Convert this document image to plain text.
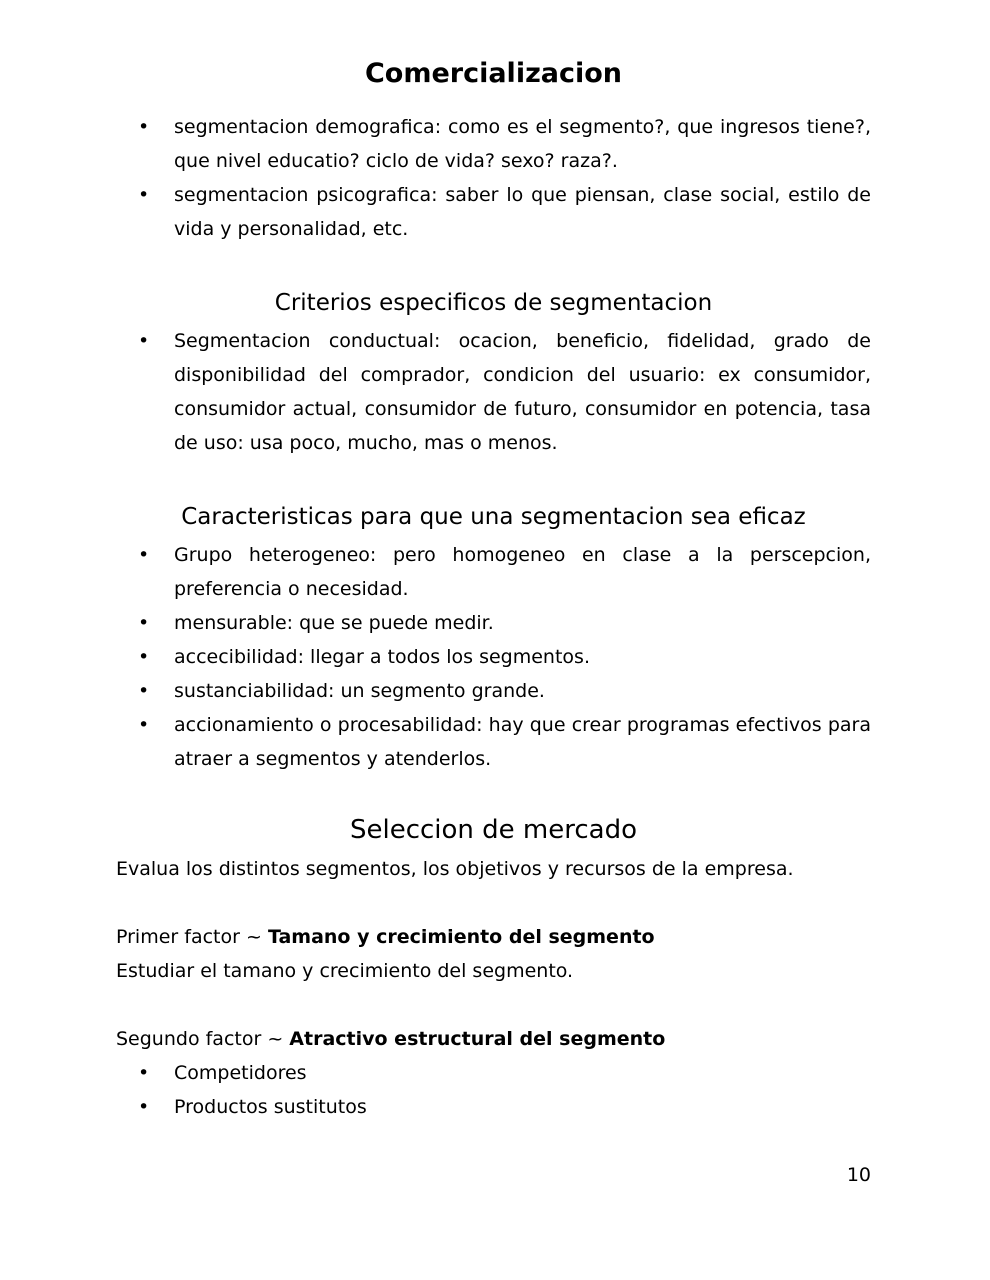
Comercializacion
• segmentacion demografica: como es el segmento?, que ingresos tiene?, que nivel educatio? ciclo de vida? sexo? raza?.
• segmentacion psicografica: saber lo que piensan, clase social, estilo de vida y personalidad, etc.
Criterios especificos de segmentacion
• Segmentacion conductual: ocacion, beneficio, fidelidad, grado de disponibilidad del comprador, condicion del usuario: ex consumidor, consumidor actual, consumidor de futuro, consumidor en potencia, tasa de uso: usa poco, mucho, mas o menos.
Caracteristicas para que una segmentacion sea eficaz
• Grupo heterogeneo: pero homogeneo en clase a la perscepcion, preferencia o necesidad.
• mensurable: que se puede medir.
• accecibilidad: llegar a todos los segmentos.
• sustanciabilidad: un segmento grande.
• accionamiento o procesabilidad: hay que crear programas efectivos para atraer a segmentos y atenderlos.
Seleccion de mercado

Evalua los distintos segmentos, los objetivos y recursos de la empresa.

Primer factor ~ Tamano y crecimiento del segmento

Estudiar el tamano y crecimiento del segmento.

Segundo factor ~ Atractivo estructural del segmento

• Competidores
• Productos sustitutos
10
